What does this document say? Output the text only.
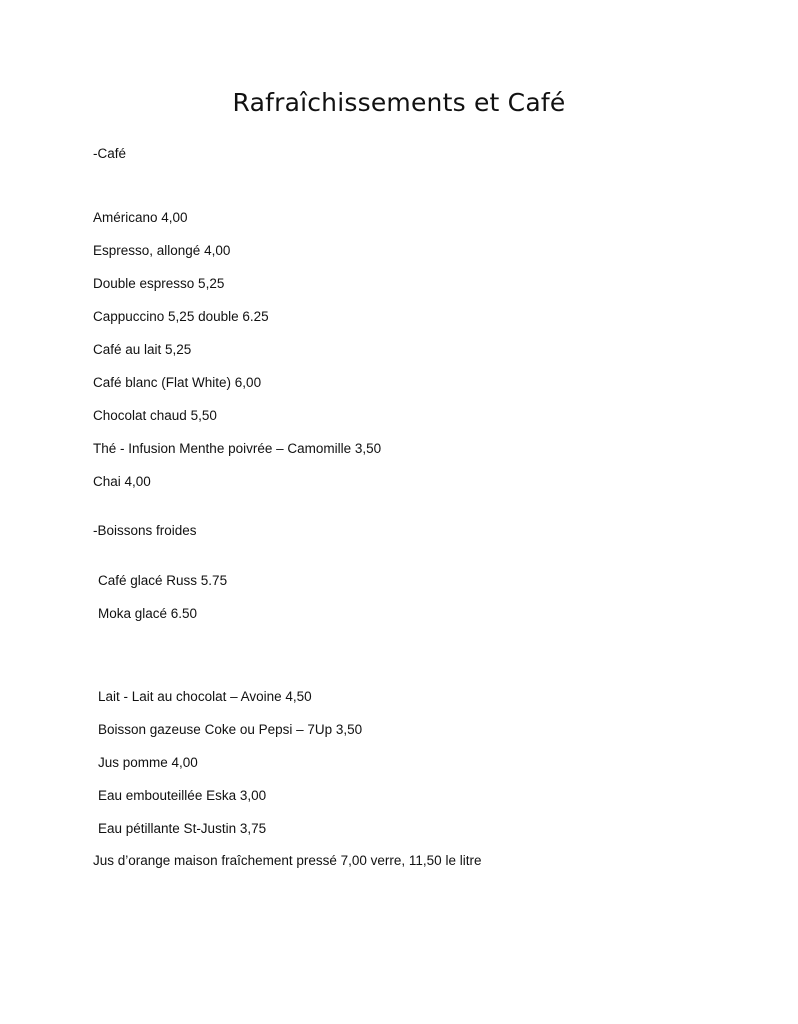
Rafraîchissements et Café
-Café
Américano 4,00
Espresso, allongé 4,00
Double espresso 5,25
Cappuccino 5,25 double 6.25
Café au lait 5,25
Café blanc (Flat White) 6,00
Chocolat chaud 5,50
Thé - Infusion Menthe poivrée – Camomille 3,50
Chai 4,00
-Boissons froides
Café glacé Russ 5.75
Moka glacé 6.50
Lait - Lait au chocolat – Avoine 4,50
Boisson gazeuse Coke ou Pepsi – 7Up 3,50
Jus pomme 4,00
Eau embouteillée Eska 3,00
Eau pétillante St-Justin 3,75
Jus d’orange maison fraîchement pressé 7,00 verre, 11,50 le litre
